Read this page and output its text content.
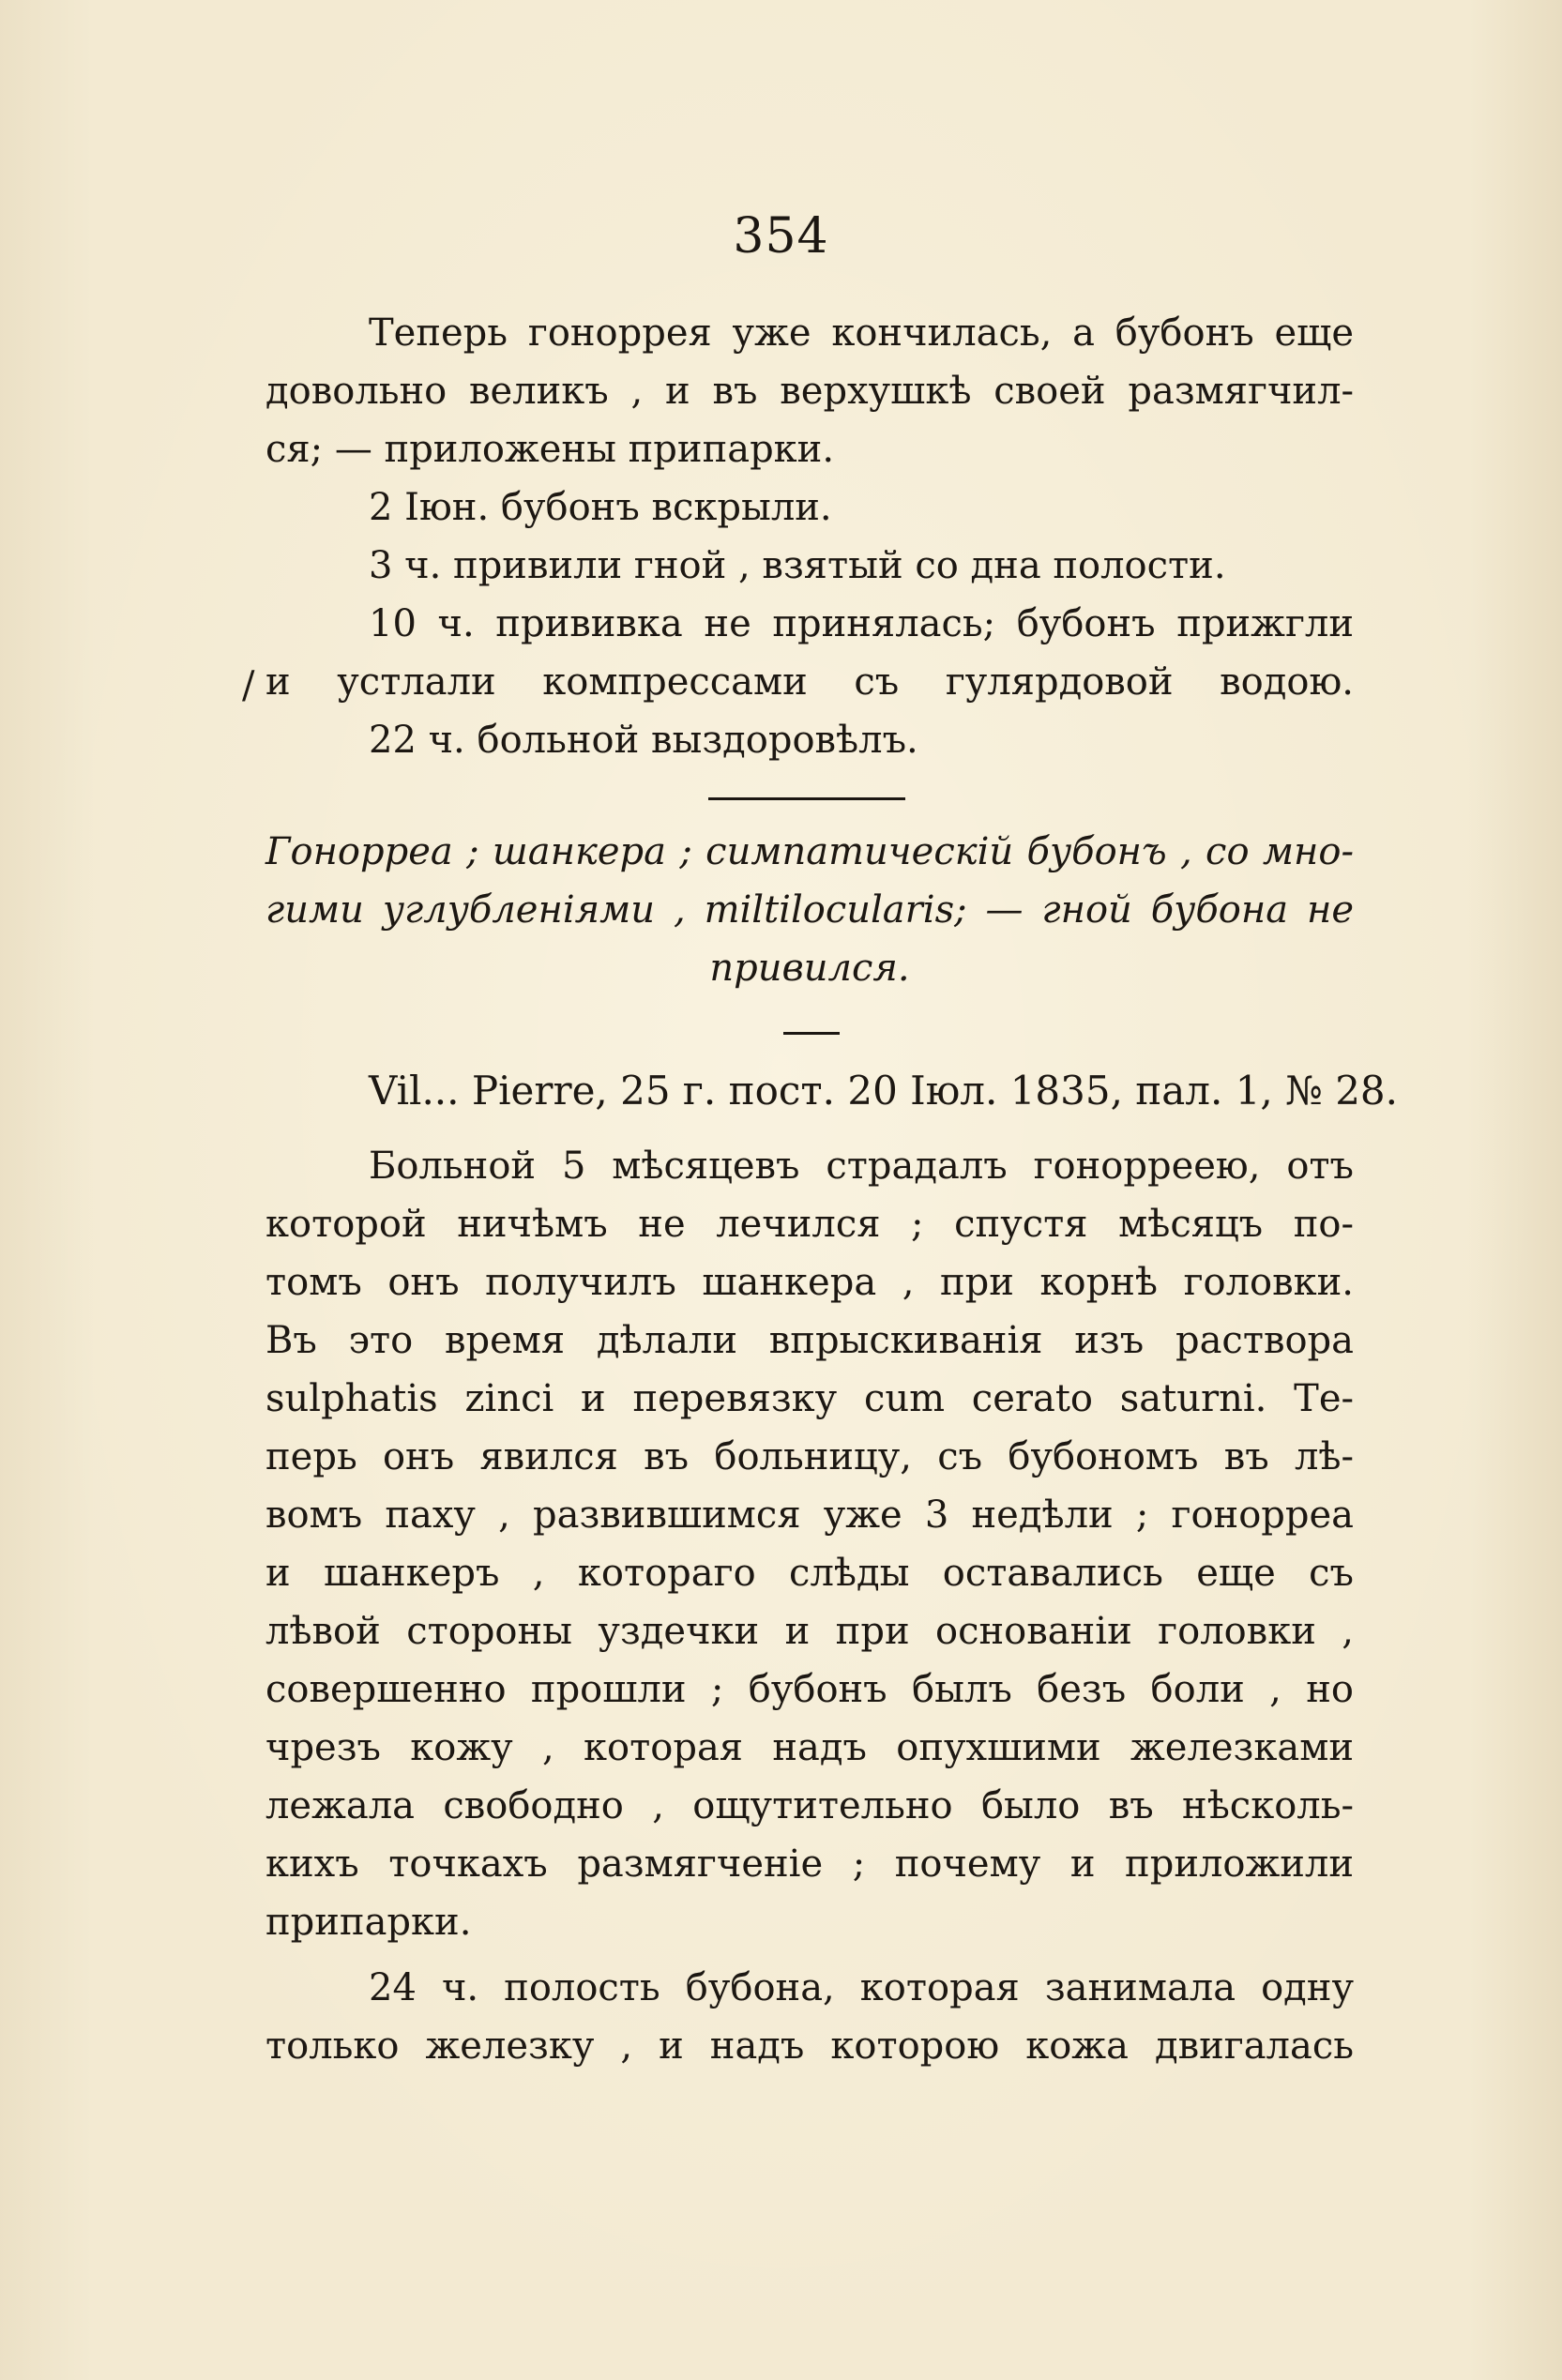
354
/
Теперь гоноррея уже кончилась, а бубонъ еще
довольно великъ , и въ верхушкѣ своей размягчил-
ся; — приложены припарки.
2 Іюн. бубонъ вскрыли.
3 ч. привили гной , взятый со дна полости.
10 ч. прививка не принялась; бубонъ прижгли
и устлали компрессами съ гулярдовой водою.
22 ч. больной выздоровѣлъ.
Гонорреа ; шанкера ; симпатическій бубонъ , со мно-
гими углубленіями , miltilocularis; — гной бубона не
привился.
Vil... Pierre, 25 г. пост. 20 Іюл. 1835, пал. 1, № 28.
Больной 5 мѣсяцевъ страдалъ гонорреею, отъ
которой ничѣмъ не лечился ; спустя мѣсяцъ по-
томъ онъ получилъ шанкера , при корнѣ головки.
Въ это время дѣлали впрыскиванія изъ раствора
sulphatis zinci и перевязку cum cerato saturni. Те-
перь онъ явился въ больницу, съ бубономъ въ лѣ-
вомъ паху , развившимся уже 3 недѣли ; гонорреа
и шанкеръ , котораго слѣды оставались еще съ
лѣвой стороны уздечки и при основаніи головки ,
совершенно прошли ; бубонъ былъ безъ боли , но
чрезъ кожу , которая надъ опухшими железками
лежала свободно , ощутительно было въ нѣсколь-
кихъ точкахъ размягченіе ; почему и приложили
припарки.
24 ч. полость бубона, которая занимала одну
только железку , и надъ которою кожа двигалась
